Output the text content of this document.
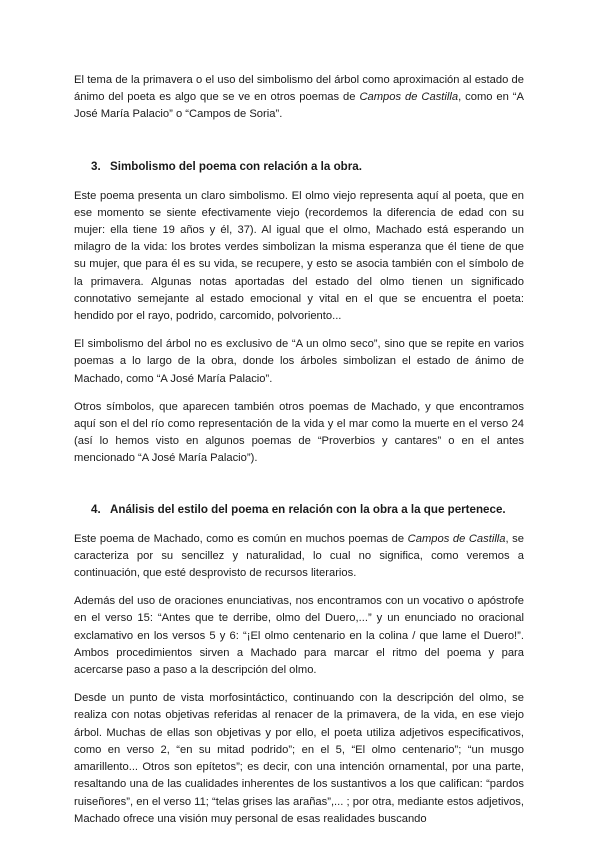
El tema de la primavera o el uso del simbolismo del árbol como aproximación al estado de ánimo del poeta es algo que se ve en otros poemas de Campos de Castilla, como en “A José María Palacio” o “Campos de Soria”.

3. Simbolismo del poema con relación a la obra.

Este poema presenta un claro simbolismo. El olmo viejo representa aquí al poeta, que en ese momento se siente efectivamente viejo (recordemos la diferencia de edad con su mujer: ella tiene 19 años y él, 37). Al igual que el olmo, Machado está esperando un milagro de la vida: los brotes verdes simbolizan la misma esperanza que él tiene de que su mujer, que para él es su vida, se recupere, y esto se asocia también con el símbolo de la primavera. Algunas notas aportadas del estado del olmo tienen un significado connotativo semejante al estado emocional y vital en el que se encuentra el poeta: hendido por el rayo, podrido, carcomido, polvoriento...

El simbolismo del árbol no es exclusivo de “A un olmo seco”, sino que se repite en varios poemas a lo largo de la obra, donde los árboles simbolizan el estado de ánimo de Machado, como “A José María Palacio”.

Otros símbolos, que aparecen también otros poemas de Machado, y que encontramos aquí son el del río como representación de la vida y el mar como la muerte en el verso 24 (así lo hemos visto en algunos poemas de “Proverbios y cantares” o en el antes mencionado “A José María Palacio”).

4. Análisis del estilo del poema en relación con la obra a la que pertenece.

Este poema de Machado, como es común en muchos poemas de Campos de Castilla, se caracteriza por su sencillez y naturalidad, lo cual no significa, como veremos a continuación, que esté desprovisto de recursos literarios.

Además del uso de oraciones enunciativas, nos encontramos con un vocativo o apóstrofe en el verso 15: “Antes que te derribe, olmo del Duero,...” y un enunciado no oracional exclamativo en los versos 5 y 6: “¡El olmo centenario en la colina / que lame el Duero!”. Ambos procedimientos sirven a Machado para marcar el ritmo del poema y para acercarse paso a paso a la descripción del olmo.

Desde un punto de vista morfosintáctico, continuando con la descripción del olmo, se realiza con notas objetivas referidas al renacer de la primavera, de la vida, en ese viejo árbol. Muchas de ellas son objetivas y por ello, el poeta utiliza adjetivos especificativos, como en verso 2, “en su mitad podrido”; en el 5, “El olmo centenario”; “un musgo amarillento... Otros son epítetos”; es decir, con una intención ornamental, por una parte, resaltando una de las cualidades inherentes de los sustantivos a los que califican: “pardos ruiseñores”, en el verso 11; “telas grises las arañas”,... ; por otra, mediante estos adjetivos, Machado ofrece una visión muy personal de esas realidades buscando
